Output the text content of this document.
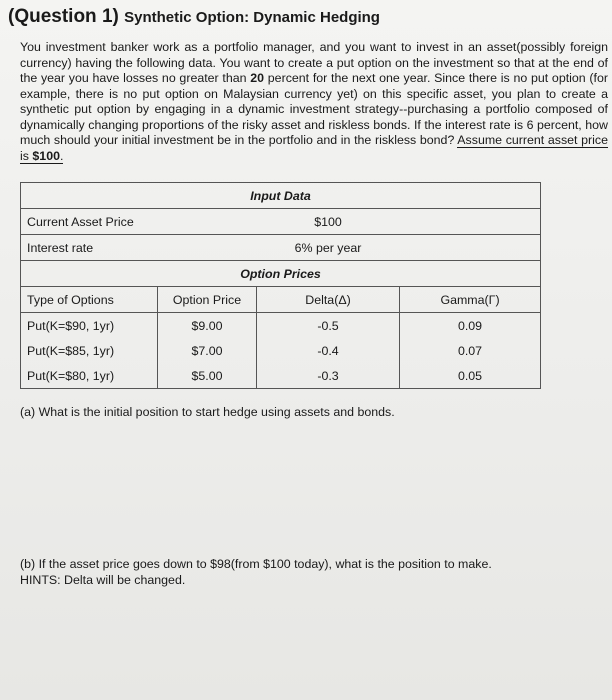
(Question 1) Synthetic Option: Dynamic Hedging
You investment banker work as a portfolio manager, and you want to invest in an asset(possibly foreign currency) having the following data. You want to create a put option on the investment so that at the end of the year you have losses no greater than 20 percent for the next one year. Since there is no put option (for example, there is no put option on Malaysian currency yet) on this specific asset, you plan to create a synthetic put option by engaging in a dynamic investment strategy--purchasing a portfolio composed of dynamically changing proportions of the risky asset and riskless bonds. If the interest rate is 6 percent, how much should your initial investment be in the portfolio and in the riskless bond? Assume current asset price is $100.
Input Data			
Current Asset Price		$100	
Interest rate		6% per year	
Option Prices			
Type of Options	Option Price	Delta(Δ)	Gamma(Γ)
Put(K=$90, 1yr)	$9.00	-0.5	0.09
Put(K=$85, 1yr)	$7.00	-0.4	0.07
Put(K=$80, 1yr)	$5.00	-0.3	0.05
(a) What is the initial position to start hedge using assets and bonds.
(b) If the asset price goes down to $98(from $100 today), what is the position to make.
HINTS: Delta will be changed.
